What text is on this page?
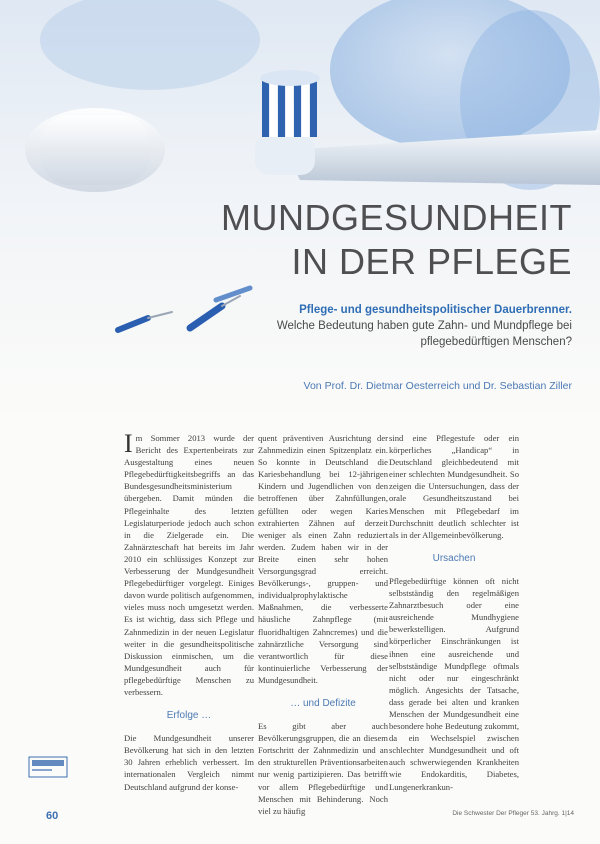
MUNDGESUNDHEIT
IN DER PFLEGE
Pflege- und gesundheitspolitischer Dauerbrenner. Welche Bedeutung haben gute Zahn- und Mundpflege bei pflegebedürftigen Menschen?
Von Prof. Dr. Dietmar Oesterreich und Dr. Sebastian Ziller

Im Sommer 2013 wurde der Bericht des Expertenbeirats zur Ausgestaltung eines neuen Pflegebedürftigkeitsbegriffs an das Bundesgesundheitsministerium übergeben. Damit münden die Pflegeinhalte des letzten Legislaturperiode jedoch auch schon in die Zielgerade ein. Die Zahnärzteschaft hat bereits im Jahr 2010 ein schlüssiges Konzept zur Verbesserung der Mundgesundheit Pflegebedürftiger vorgelegt. Einiges davon wurde politisch aufgenommen, vieles muss noch umgesetzt werden. Es ist wichtig, dass sich Pflege und Zahnmedizin in der neuen Legislatur weiter in die gesundheitspolitische Diskussion einmischen, um die Mundgesundheit auch für pflegebedürftige Menschen zu verbessern.

Erfolge …

Die Mundgesundheit unserer Bevölkerung hat sich in den letzten 30 Jahren erheblich verbessert. Im internationalen Vergleich nimmt Deutschland aufgrund der konse-

quent präventiven Ausrichtung der Zahnmedizin einen Spitzenplatz ein. So konnte in Deutschland die Kariesbehandlung bei 12-jährigen Kindern und Jugendlichen von den betroffenen über Zahnfüllungen, gefüllten oder wegen Karies extrahierten Zähnen auf derzeit weniger als einen Zahn reduziert werden. Zudem haben wir in der Breite einen sehr hohen Versorgungsgrad erreicht. Bevölkerungs-, gruppen- und individualprophylaktische Maßnahmen, die verbesserte häusliche Zahnpflege (mit fluoridhaltigen Zahncremes) und die zahnärztliche Versorgung sind verantwortlich für diese kontinuierliche Verbesserung der Mundgesundheit.

… und Defizite

Es gibt aber auch Bevölkerungsgruppen, die an diesem Fortschritt der Zahnmedizin und an den strukturellen Präventionsarbeiten nur wenig partizipieren. Das betrifft vor allem Pflegebedürftige und Menschen mit Behinderung. Noch viel zu häufig

sind eine Pflegestufe oder ein körperliches „Handicap“ in Deutschland gleichbedeutend mit einer schlechten Mundgesundheit. So zeigen die Untersuchungen, dass der orale Gesundheitszustand bei Menschen mit Pflegebedarf im Durchschnitt deutlich schlechter ist als in der Allgemeinbevölkerung.

Ursachen

Pflegebedürftige können oft nicht selbstständig den regelmäßigen Zahnarztbesuch oder eine ausreichende Mundhygiene bewerkstelligen. Aufgrund körperlicher Einschränkungen ist ihnen eine ausreichende und selbstständige Mundpflege oftmals nicht oder nur eingeschränkt möglich. Angesichts der Tatsache, dass gerade bei alten und kranken Menschen der Mundgesundheit eine besondere hohe Bedeutung zukommt, da ein Wechselspiel zwischen schlechter Mundgesundheit und oft auch schwerwiegenden Krankheiten wie Endokarditis, Diabetes, Lungenerkrankun-

60	Die Schwester Der Pfleger 53. Jahrg. 1|14
